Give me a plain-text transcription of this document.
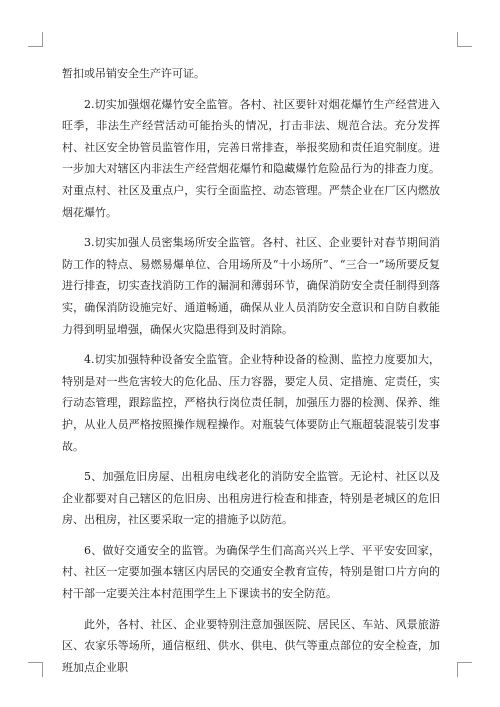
暂扣或吊销安全生产许可证。

2.切实加强烟花爆竹安全监管。各村、社区要针对烟花爆竹生产经营进入旺季，非法生产经营活动可能抬头的情况，打击非法、规范合法。充分发挥村、社区安全协管员监管作用，完善日常排查，举报奖励和责任追究制度。进一步加大对辖区内非法生产经营烟花爆竹和隐藏爆竹危险品行为的排查力度。对重点村、社区及重点户，实行全面监控、动态管理。严禁企业在厂区内燃放烟花爆竹。

3.切实加强人员密集场所安全监管。各村、社区、企业要针对春节期间消防工作的特点、易燃易爆单位、合用场所及“十小场所”、“三合一”场所要反复进行排查，切实查找消防工作的漏洞和薄弱环节，确保消防安全责任制得到落实，确保消防设施完好、通道畅通，确保从业人员消防安全意识和自防自救能力得到明显增强，确保火灾隐患得到及时消除。

4.切实加强特种设备安全监管。企业特种设备的检测、监控力度要加大，特别是对一些危害较大的危化品、压力容器，要定人员、定措施、定责任，实行动态管理，跟踪监控，严格执行岗位责任制，加强压力器的检测、保养、维护，从业人员严格按照操作规程操作。对瓶装气体要防止气瓶超装混装引发事故。

5、加强危旧房屋、出租房电线老化的消防安全监管。无论村、社区以及企业都要对自己辖区的危旧房、出租房进行检查和排查，特别是老城区的危旧房、出租房，社区要采取一定的措施予以防范。

6、做好交通安全的监管。为确保学生们高高兴兴上学、平平安安回家，村、社区一定要加强本辖区内居民的交通安全教育宣传，特别是钳口片方向的村干部一定要关注本村范围学生上下课读书的安全防范。

此外，各村、社区、企业要特别注意加强医院、居民区、车站、风景旅游区、农家乐等场所，通信枢纽、供水、供电、供气等重点部位的安全检查，加班加点企业职
